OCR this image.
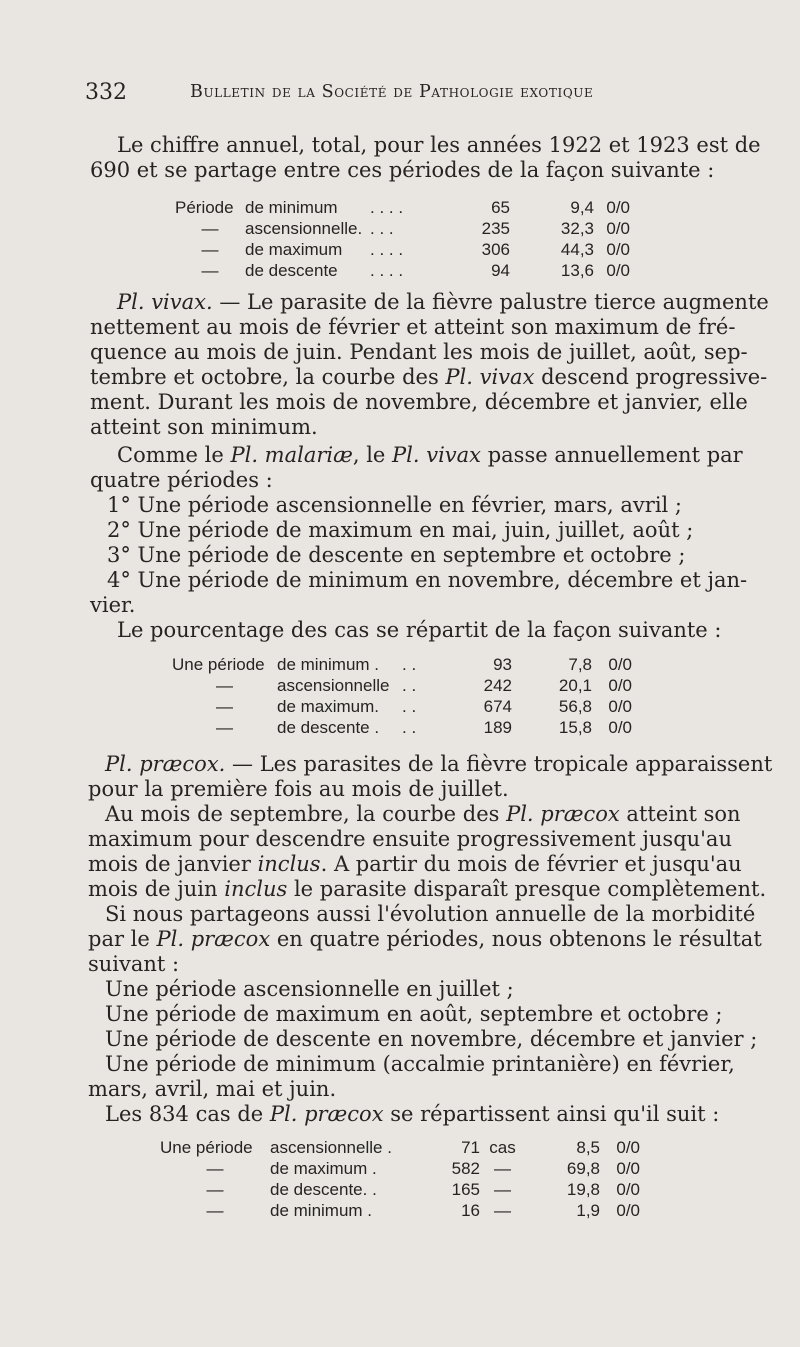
332	Bulletin de la Société de Pathologie exotique
Le chiffre annuel, total, pour les années 1922 et 1923 est de
690 et se partage entre ces périodes de la façon suivante :
Période	de minimum	. . . .	65	9,4	0/0
—	ascensionnelle.	. . .	235	32,3	0/0
—	de maximum	. . . .	306	44,3	0/0
—	de descente	. . . .	94	13,6	0/0
Pl. vivax. — Le parasite de la fièvre palustre tierce augmente
nettement au mois de février et atteint son maximum de fré-
quence au mois de juin. Pendant les mois de juillet, août, sep-
tembre et octobre, la courbe des Pl. vivax descend progressive-
ment. Durant les mois de novembre, décembre et janvier, elle
atteint son minimum.
Comme le Pl. malariæ, le Pl. vivax passe annuellement par
quatre périodes :
1° Une période ascensionnelle en février, mars, avril ;
2° Une période de maximum en mai, juin, juillet, août ;
3° Une période de descente en septembre et octobre ;
4° Une période de minimum en novembre, décembre et jan-
vier.
Le pourcentage des cas se répartit de la façon suivante :
Une période	de minimum .	. .	93	7,8	0/0
—	ascensionnelle	. .	242	20,1	0/0
—	de maximum.	. .	674	56,8	0/0
—	de descente .	. .	189	15,8	0/0
Pl. præcox. — Les parasites de la fièvre tropicale apparaissent
pour la première fois au mois de juillet.
Au mois de septembre, la courbe des Pl. præcox atteint son
maximum pour descendre ensuite progressivement jusqu'au
mois de janvier inclus. A partir du mois de février et jusqu'au
mois de juin inclus le parasite disparaît presque complètement.
Si nous partageons aussi l'évolution annuelle de la morbidité
par le Pl. præcox en quatre périodes, nous obtenons le résultat
suivant :
Une période ascensionnelle en juillet ;
Une période de maximum en août, septembre et octobre ;
Une période de descente en novembre, décembre et janvier ;
Une période de minimum (accalmie printanière) en février,
mars, avril, mai et juin.
Les 834 cas de Pl. præcox se répartissent ainsi qu'il suit :
Une période	ascensionnelle .	71	cas	8,5	0/0
—	de maximum .	582	—	69,8	0/0
—	de descente. .	165	—	19,8	0/0
—	de minimum .	16	—	1,9	0/0
